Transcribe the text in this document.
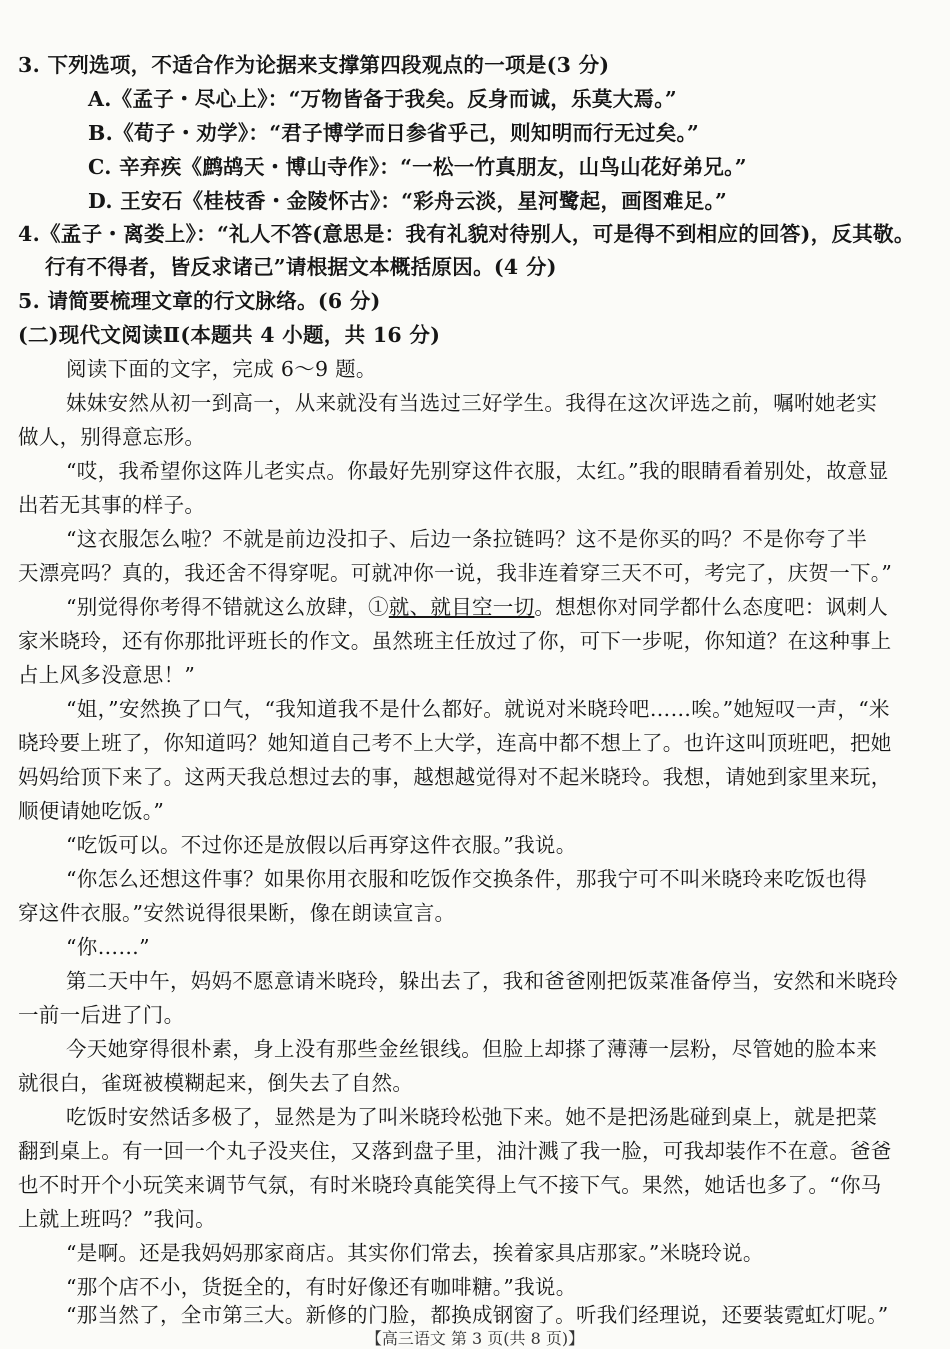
3. 下列选项，不适合作为论据来支撑第四段观点的一项是(3 分)
A.《孟子・尽心上》：“万物皆备于我矣。反身而诚，乐莫大焉。”
B.《荀子・劝学》：“君子博学而日参省乎己，则知明而行无过矣。”
C. 辛弃疾《鹧鸪天・博山寺作》：“一松一竹真朋友，山鸟山花好弟兄。”
D. 王安石《桂枝香・金陵怀古》：“彩舟云淡，星河鹭起，画图难足。”
4.《孟子・离娄上》：“礼人不答(意思是：我有礼貌对待别人，可是得不到相应的回答)，反其敬。
行有不得者，皆反求诸己”请根据文本概括原因。(4 分)
5. 请简要梳理文章的行文脉络。(6 分)
(二)现代文阅读Ⅱ(本题共 4 小题，共 16 分)
阅读下面的文字，完成 6～9 题。
妹妹安然从初一到高一，从来就没有当选过三好学生。我得在这次评选之前，嘱咐她老实
做人，别得意忘形。
“哎，我希望你这阵儿老实点。你最好先别穿这件衣服，太红。”我的眼睛看着别处，故意显
出若无其事的样子。
“这衣服怎么啦？不就是前边没扣子、后边一条拉链吗？这不是你买的吗？不是你夸了半
天漂亮吗？真的，我还舍不得穿呢。可就冲你一说，我非连着穿三天不可，考完了，庆贺一下。”
“别觉得你考得不错就这么放肆，①就、就目空一切。想想你对同学都什么态度吧：讽刺人
家米晓玲，还有你那批评班长的作文。虽然班主任放过了你，可下一步呢，你知道？在这种事上
占上风多没意思！”
“姐，”安然换了口气，“我知道我不是什么都好。就说对米晓玲吧……唉。”她短叹一声，“米
晓玲要上班了，你知道吗？她知道自己考不上大学，连高中都不想上了。也许这叫顶班吧，把她
妈妈给顶下来了。这两天我总想过去的事，越想越觉得对不起米晓玲。我想，请她到家里来玩，
顺便请她吃饭。”
“吃饭可以。不过你还是放假以后再穿这件衣服。”我说。
“你怎么还想这件事？如果你用衣服和吃饭作交换条件，那我宁可不叫米晓玲来吃饭也得
穿这件衣服。”安然说得很果断，像在朗读宣言。
“你……”
第二天中午，妈妈不愿意请米晓玲，躲出去了，我和爸爸刚把饭菜准备停当，安然和米晓玲
一前一后进了门。
今天她穿得很朴素，身上没有那些金丝银线。但脸上却搽了薄薄一层粉，尽管她的脸本来
就很白，雀斑被模糊起来，倒失去了自然。
吃饭时安然话多极了，显然是为了叫米晓玲松弛下来。她不是把汤匙碰到桌上，就是把菜
翻到桌上。有一回一个丸子没夹住，又落到盘子里，油汁溅了我一脸，可我却装作不在意。爸爸
也不时开个小玩笑来调节气氛，有时米晓玲真能笑得上气不接下气。果然，她话也多了。“你马
上就上班吗？”我问。
“是啊。还是我妈妈那家商店。其实你们常去，挨着家具店那家。”米晓玲说。
“那个店不小，货挺全的，有时好像还有咖啡糖。”我说。
“那当然了，全市第三大。新修的门脸，都换成钢窗了。听我们经理说，还要装霓虹灯呢。”
【高三语文 第 3 页(共 8 页)】
